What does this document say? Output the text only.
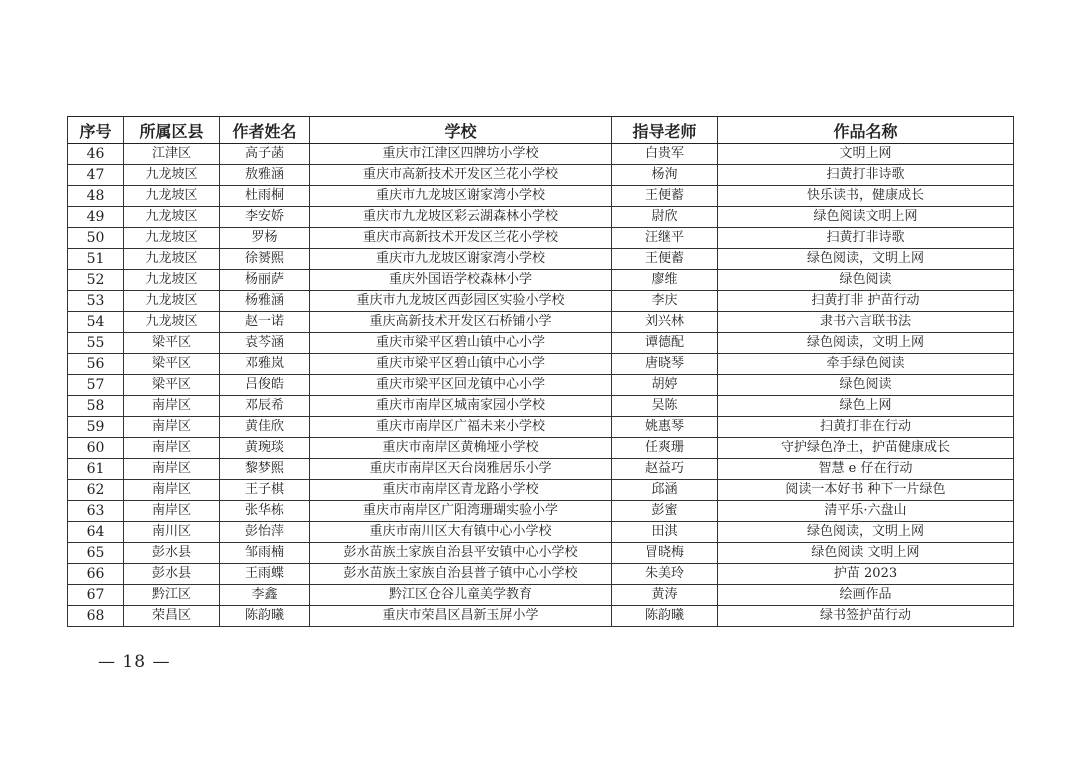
序号	所属区县	作者姓名	学校	指导老师	作品名称
46	江津区	高子菡	重庆市江津区四牌坊小学校	白贵军	文明上网
47	九龙坡区	敖雅涵	重庆市高新技术开发区兰花小学校	杨洵	扫黄打非诗歌
48	九龙坡区	杜雨桐	重庆市九龙坡区谢家湾小学校	王便蓄	快乐读书，健康成长
49	九龙坡区	李安娇	重庆市九龙坡区彩云湖森林小学校	尉欣	绿色阅读文明上网
50	九龙坡区	罗杨	重庆市高新技术开发区兰花小学校	汪继平	扫黄打非诗歌
51	九龙坡区	徐赟熙	重庆市九龙坡区谢家湾小学校	王便蓄	绿色阅读，文明上网
52	九龙坡区	杨丽萨	重庆外国语学校森林小学	廖维	绿色阅读
53	九龙坡区	杨雅涵	重庆市九龙坡区西彭园区实验小学校	李庆	扫黄打非 护苗行动
54	九龙坡区	赵一诺	重庆高新技术开发区石桥铺小学	刘兴林	隶书六言联书法
55	梁平区	袁芩涵	重庆市梁平区碧山镇中心小学	谭德配	绿色阅读，文明上网
56	梁平区	邓雅岚	重庆市梁平区碧山镇中心小学	唐晓琴	牵手绿色阅读
57	梁平区	吕俊皓	重庆市梁平区回龙镇中心小学	胡婷	绿色阅读
58	南岸区	邓辰希	重庆市南岸区城南家园小学校	吴陈	绿色上网
59	南岸区	黄佳欣	重庆市南岸区广福未来小学校	姚惠琴	扫黄打非在行动
60	南岸区	黄琬琰	重庆市南岸区黄桷垭小学校	任爽珊	守护绿色净土，护苗健康成长
61	南岸区	黎梦熙	重庆市南岸区天台岗雅居乐小学	赵益巧	智慧 e 仔在行动
62	南岸区	王子棋	重庆市南岸区青龙路小学校	邱涵	阅读一本好书 种下一片绿色
63	南岸区	张华栋	重庆市南岸区广阳湾珊瑚实验小学	彭蜜	清平乐·六盘山
64	南川区	彭怡萍	重庆市南川区大有镇中心小学校	田淇	绿色阅读，文明上网
65	彭水县	邹雨楠	彭水苗族土家族自治县平安镇中心小学校	冒晓梅	绿色阅读 文明上网
66	彭水县	王雨蝶	彭水苗族土家族自治县普子镇中心小学校	朱美玲	护苗 2023
67	黔江区	李鑫	黔江区仓谷儿童美学教育	黄涛	绘画作品
68	荣昌区	陈韵曦	重庆市荣昌区昌新玉屏小学	陈韵曦	绿书签护苗行动
— 18 —
